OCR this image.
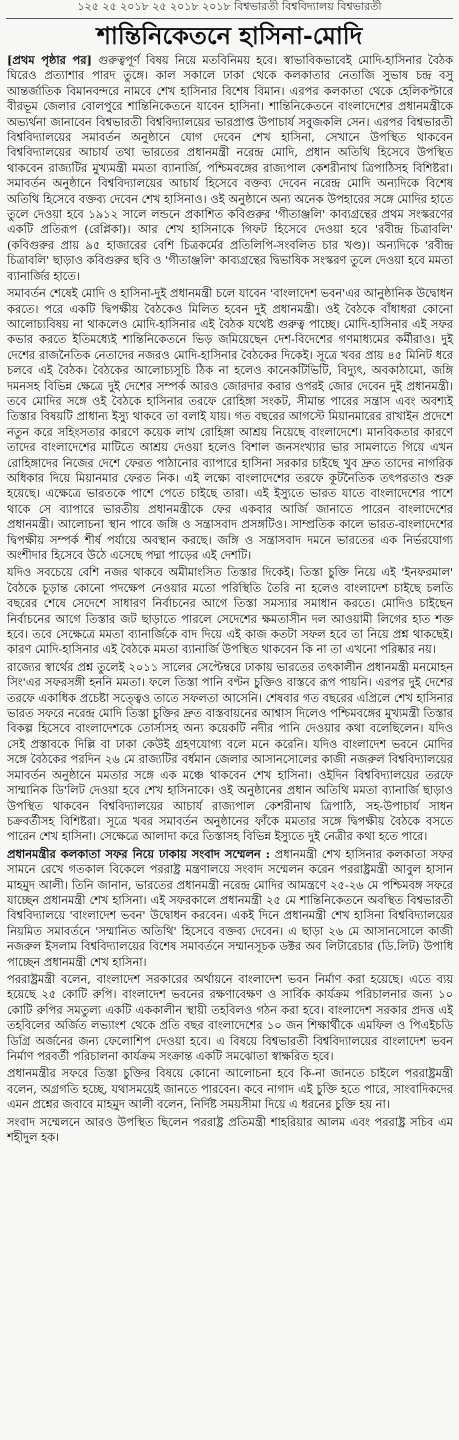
১২৫ ২৫ ২০১৮ ২৫ ২০১৮ ২০১৮ বিশ্বভারতী বিশ্ববিদ্যালয় বিশ্বভারতী
শান্তিনিকেতনে হাসিনা-মোদি

[প্রথম পৃষ্ঠার পর] গুরুত্বপূর্ণ বিষয় নিয়ে মতবিনিময় হবে। স্বাভাবিকভাবেই মোদি-হাসিনার বৈঠক ঘিরেও প্রত্যাশার পারদ তুঙ্গে। কাল সকালে ঢাকা থেকে কলকাতার নেতাজি সুভাষ চন্দ্র বসু আন্তর্জাতিক বিমানবন্দরে নামবে শেখ হাসিনার বিশেষ বিমান। এরপর কলকাতা থেকে হেলিকপ্টারে বীরভূম জেলার বোলপুরে শান্তিনিকেতনে যাবেন হাসিনা। শান্তিনিকেতনে বাংলাদেশের প্রধানমন্ত্রীকে অভ্যর্থনা জানাবেন বিশ্বভারতী বিশ্ববিদ্যালয়ের ভারপ্রাপ্ত উপাচার্য সবুজকলি সেন। এরপর বিশ্বভারতী বিশ্ববিদ্যালয়ের সমাবর্তন অনুষ্ঠানে যোগ দেবেন শেখ হাসিনা, সেখানে উপস্থিত থাকবেন বিশ্ববিদ্যালয়ের আচার্য তথা ভারতের প্রধানমন্ত্রী নরেন্দ্র মোদি, প্রধান অতিথি হিসেবে উপস্থিত থাকবেন রাজ্যটির মুখ্যমন্ত্রী মমতা ব্যানার্জি, পশ্চিমবঙ্গের রাজ্যপাল কেশরীনাথ ত্রিপাঠিসহ বিশিষ্টরা। সমাবর্তন অনুষ্ঠানে বিশ্ববিদ্যালয়ের আচার্য হিসেবে বক্তব্য দেবেন নরেন্দ্র মোদি অন্যদিকে বিশেষ অতিথি হিসেবে বক্তব্য দেবেন শেখ হাসিনাও। ওই অনুষ্ঠানে অন্য অনেক উপহারের সঙ্গে মোদির হাতে তুলে দেওয়া হবে ১৯১২ সালে লন্ডনে প্রকাশিত কবিগুরুর 'গীতাঞ্জলি' কাব্যগ্রন্থের প্রথম সংস্করণের একটি প্রতিরূপ (রেপ্লিকা)। আর শেখ হাসিনাকে গিফট হিসেবে দেওয়া হবে 'রবীন্দ্র চিত্রাবলি' (কবিগুরুর প্রায় ৯৫ হাজারের বেশি চিত্রকর্মের প্রতিলিপি-সংবলিত চার খণ্ড)। অন্যদিকে 'রবীন্দ্র চিত্রাবলি' ছাড়াও কবিগুরুর ছবি ও 'গীতাঞ্জলি' কাব্যগ্রন্থের দ্বিভাষিক সংস্করণ তুলে দেওয়া হবে মমতা ব্যানার্জির হাতে।

সমাবর্তন শেষেই মোদি ও হাসিনা-দুই প্রধানমন্ত্রী চলে যাবেন 'বাংলাদেশ ভবন'এর আনুষ্ঠানিক উদ্বোধন করতে। পরে একটি দ্বিপক্ষীয় বৈঠকেও মিলিত হবেন দুই প্রধানমন্ত্রী। ওই বৈঠকে বাঁধাধরা কোনো আলোচ্যবিষয় না থাকলেও মোদি-হাসিনার এই বৈঠক যথেষ্ট গুরুত্ব পাচ্ছে। মোদি-হাসিনার এই সফর কভার করতে ইতিমধ্যেই শান্তিনিকেতনে ভিড় জমিয়েছেন দেশ-বিদেশের গণমাধ্যমের কর্মীরাও। দুই দেশের রাজনৈতিক নেতাদের নজরও মোদি-হাসিনার বৈঠকের দিকেই। সূত্রে খবর প্রায় ৪৫ মিনিট ধরে চলবে এই বৈঠক। বৈঠকের আলোচ্যসূচি ঠিক না হলেও কানেকটিভিটি, বিদ্যুৎ, অবকাঠামো, জঙ্গি দমনসহ বিভিন্ন ক্ষেত্রে দুই দেশের সম্পর্ক আরও জোরদার করার ওপরই জোর দেবেন দুই প্রধানমন্ত্রী। তবে মোদির সঙ্গে ওই বৈঠকে হাসিনার তরফে রোহিঙ্গা সংকট, সীমান্ত পারের সন্ত্রাস এবং অবশ্যই তিস্তার বিষয়টি প্রাধান্য ইস্যু থাকবে তা বলাই যায়। গত বছরের আগস্টে মিয়ানমারের রাখাইন প্রদেশে নতুন করে সহিংসতার কারণে কয়েক লাখ রোহিঙ্গা আশ্রয় নিয়েছে বাংলাদেশে। মানবিকতার কারণে তাদের বাংলাদেশের মাটিতে আশ্রয় দেওয়া হলেও বিশাল জনসংখ্যার ভার সামলাতে গিয়ে এখন রোহিঙ্গাদের নিজের দেশে ফেরত পাঠানোর ব্যাপারে হাসিনা সরকার চাইছে খুব দ্রুত তাদের নাগরিক অধিকার দিয়ে মিয়ানমার ফেরত নিক। এই লক্ষ্যে বাংলাদেশের তরফে কূটনৈতিক তৎপরতাও শুরু হয়েছে। এক্ষেত্রে ভারতকে পাশে পেতে চাইছে তারা। এই ইস্যুতে ভারত যাতে বাংলাদেশের পাশে থাকে সে ব্যাপারে ভারতীয় প্রধানমন্ত্রীকে ফের একবার আর্জি জানাতে পারেন বাংলাদেশের প্রধানমন্ত্রী। আলোচনা স্থান পাবে জঙ্গি ও সন্ত্রাসবাদ প্রসঙ্গটিও। সাম্প্রতিক কালে ভারত-বাংলাদেশের দ্বিপক্ষীয় সম্পর্ক শীর্ষ পর্যায়ে অবস্থান করছে। জঙ্গি ও সন্ত্রাসবাদ দমনে ভারতের এক নির্ভরযোগ্য অংশীদার হিসেবে উঠে এসেছে পদ্মা পাড়ের এই দেশটি।

যদিও সবচেয়ে বেশি নজর থাকবে অমীমাংসিত তিস্তার দিকেই। তিস্তা চুক্তি নিয়ে এই 'ইনফরমাল' বৈঠকে চূড়ান্ত কোনো পদক্ষেপ নেওয়ার মতো পরিস্থিতি তৈরি না হলেও বাংলাদেশ চাইছে চলতি বছরের শেষে সেদেশে সাধারণ নির্বাচনের আগে তিস্তা সমস্যার সমাধান করতে। মোদিও চাইছেন নির্বাচনের আগে তিস্তার জট ছাড়াতে পারলে সেদেশের ক্ষমতাসীন দল আওয়ামী লিগের হাত শক্ত হবে। তবে সেক্ষেত্রে মমতা ব্যানার্জিকে বাদ দিয়ে এই কাজ কতটা সফল হবে তা নিয়ে প্রশ্ন থাকছেই। কারণ মোদি-হাসিনার এই বৈঠকে মমতা ব্যানার্জি উপস্থিত থাকবেন কি না তা এখনো পরিষ্কার নয়।

রাজ্যের স্বার্থের প্রশ্ন তুলেই ২০১১ সালের সেপ্টেম্বরে ঢাকায় ভারতের তৎকালীন প্রধানমন্ত্রী মনমোহন সিং'এর সফরসঙ্গী হননি মমতা। ফলে তিস্তা পানি বণ্টন চুক্তিও বাস্তবে রূপ পায়নি। এরপর দুই দেশের তরফে একাধিক প্রচেষ্টা সত্ত্বেও তাতে সফলতা আসেনি। শেষবার গত বছরের এপ্রিলে শেখ হাসিনার ভারত সফরে নরেন্দ্র মোদি তিস্তা চুক্তির দ্রুত বাস্তবায়নের আশ্বাস দিলেও পশ্চিমবঙ্গের মুখ্যমন্ত্রী তিস্তার বিকল্প হিসেবে বাংলাদেশকে তোর্সাসহ অন্য কয়েকটি নদীর পানি দেওয়ার কথা বলেছিলেন। যদিও সেই প্রস্তাবকে দিল্লি বা ঢাকা কেউই গ্রহণযোগ্য বলে মনে করেনি। যদিও বাংলাদেশ ভবনে মোদির সঙ্গে বৈঠকের পরদিন ২৬ মে রাজ্যটির বর্ধমান জেলার আসানসোলের কাজী নজরুল বিশ্ববিদ্যালয়ের সমাবর্তন অনুষ্ঠানে মমতার সঙ্গে এক মঞ্চে থাকবেন শেখ হাসিনা। ওইদিন বিশ্ববিদ্যালয়ের তরফে সাম্মানিক ডি'লিট দেওয়া হবে শেখ হাসিনাকে। ওই অনুষ্ঠানের প্রধান অতিথি মমতা ব্যানার্জি ছাড়াও উপস্থিত থাকবেন বিশ্ববিদ্যালয়ের আচার্য রাজ্যপাল কেশরীনাথ ত্রিপাঠি, সহ-উপাচার্য সাধন চক্রবর্তীসহ বিশিষ্টরা। সূত্রে খবর সমাবর্তন অনুষ্ঠানের ফাঁকে মমতার সঙ্গে দ্বিপক্ষীয় বৈঠকে বসতে পারেন শেখ হাসিনা। সেক্ষেত্রে আলাদা করে তিস্তাসহ বিভিন্ন ইস্যুতে দুই নেত্রীর কথা হতে পারে।

প্রধানমন্ত্রীর কলকাতা সফর নিয়ে ঢাকায় সংবাদ সম্মেলন : প্রধানমন্ত্রী শেখ হাসিনার কলকাতা সফর সামনে রেখে গতকাল বিকেলে পররাষ্ট্র মন্ত্রণালয়ে সংবাদ সম্মেলন করেন পররাষ্ট্রমন্ত্রী আবুল হাসান মাহমুদ আলী। তিনি জানান, ভারতের প্রধানমন্ত্রী নরেন্দ্র মোদির আমন্ত্রণে ২৫-২৬ মে পশ্চিমবঙ্গ সফরে যাচ্ছেন প্রধানমন্ত্রী শেখ হাসিনা। এই সফরকালে প্রধানমন্ত্রী ২৫ মে শান্তিনিকেতনে অবস্থিত বিশ্বভারতী বিশ্ববিদ্যালয়ে 'বাংলাদেশ ভবন' উদ্বোধন করবেন। একই দিনে প্রধানমন্ত্রী শেখ হাসিনা বিশ্ববিদ্যালয়ের নিয়মিত সমাবর্তনে 'সম্মানিত অতিথি' হিসেবে বক্তব্য দেবেন। এ ছাড়া ২৬ মে আসানসোলে কাজী নজরুল ইসলাম বিশ্ববিদ্যালয়ের বিশেষ সমাবর্তনে সম্মানসূচক ডক্টর অব লিটারেচার (ডি.লিট) উপাধি পাচ্ছেন প্রধানমন্ত্রী শেখ হাসিনা।

পররাষ্ট্রমন্ত্রী বলেন, বাংলাদেশ সরকারের অর্থায়নে বাংলাদেশ ভবন নির্মাণ করা হয়েছে। এতে ব্যয় হয়েছে ২৫ কোটি রুপি। বাংলাদেশ ভবনের রক্ষণাবেক্ষণ ও সার্বিক কার্যক্রম পরিচালনার জন্য ১০ কোটি রুপির সমতুল্য একটি এককালীন স্থায়ী তহবিলও গঠন করা হবে। বাংলাদেশ সরকার প্রদত্ত এই তহবিলের অর্জিত লভ্যাংশ থেকে প্রতি বছর বাংলাদেশের ১০ জন শিক্ষার্থীকে এমফিল ও পিএইচডি ডিগ্রি অর্জনের জন্য ফেলোশিপ দেওয়া হবে। এ বিষয়ে বিশ্বভারতী বিশ্ববিদ্যালয়ের বাংলাদেশ ভবন নির্মাণ পরবর্তী পরিচালনা কার্যক্রম সংক্রান্ত একটি সমঝোতা স্বাক্ষরিত হবে।

প্রধানমন্ত্রীর সফরে তিস্তা চুক্তির বিষয়ে কোনো আলোচনা হবে কি-না জানতে চাইলে পররাষ্ট্রমন্ত্রী বলেন, অগ্রগতি হচ্ছে, যথাসময়েই জানতে পারবেন। কবে নাগাদ এই চুক্তি হতে পারে, সাংবাদিকদের এমন প্রশ্নের জবাবে মাহমুদ আলী বলেন, নির্দিষ্ট সময়সীমা দিয়ে এ ধরনের চুক্তি হয় না।

সংবাদ সম্মেলনে আরও উপস্থিত ছিলেন পররাষ্ট্র প্রতিমন্ত্রী শাহরিয়ার আলম এবং পররাষ্ট্র সচিব এম শহীদুল হক।
